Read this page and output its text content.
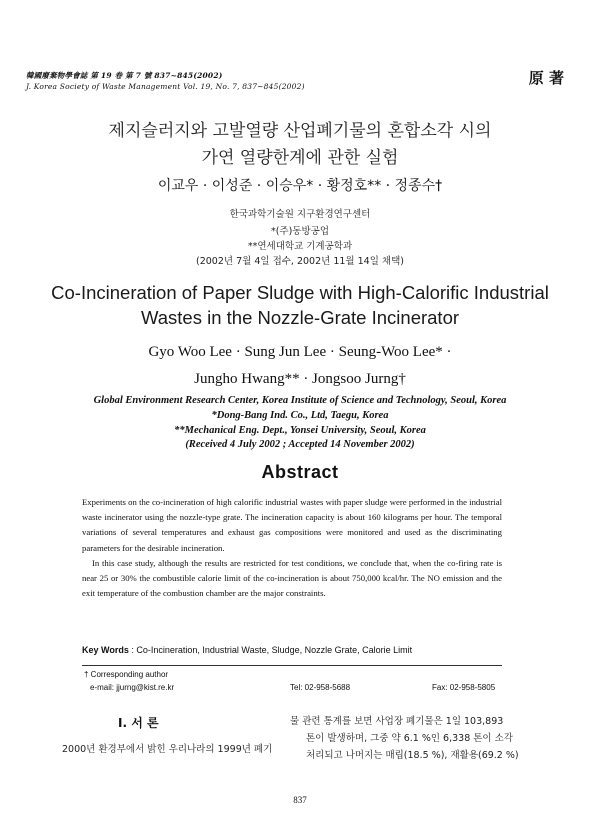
韓國廢棄物學會誌 第 19 卷 第 7 號 837~845(2002)
J. Korea Society of Waste Management Vol. 19, No. 7, 837~845(2002)	原 著
제지슬러지와 고발열량 산업폐기물의 혼합소각 시의
가연 열량한계에 관한 실험
이교우 · 이성준 · 이승우* · 황정호** · 정종수†
한국과학기술원 지구환경연구센터
*(주)동방공업
**연세대학교 기계공학과
(2002년 7월 4일 접수, 2002년 11월 14일 채택)
Co-Incineration of Paper Sludge with High-Calorific Industrial
Wastes in the Nozzle-Grate Incinerator
Gyo Woo Lee · Sung Jun Lee · Seung-Woo Lee* ·
Jungho Hwang** · Jongsoo Jurng†
Global Environment Research Center, Korea Institute of Science and Technology, Seoul, Korea
*Dong-Bang Ind. Co., Ltd, Taegu, Korea
**Mechanical Eng. Dept., Yonsei University, Seoul, Korea
(Received 4 July 2002 ; Accepted 14 November 2002)
Abstract

Experiments on the co-incineration of high calorific industrial wastes with paper sludge were performed in the industrial waste incinerator using the nozzle-type grate. The incineration capacity is about 160 kilograms per hour. The temporal variations of several temperatures and exhaust gas compositions were monitored and used as the discriminating parameters for the desirable incineration.

In this case study, although the results are restricted for test conditions, we conclude that, when the co-firing rate is near 25 or 30% the combustible calorie limit of the co-incineration is about 750,000 kcal/hr. The NO emission and the exit temperature of the combustion chamber are the major constraints.

Key Words : Co-Incineration, Industrial Waste, Sludge, Nozzle Grate, Calorie Limit
† Corresponding author
e-mail: jjurng@kist.re.kr	Tel: 02-958-5688	Fax: 02-958-5805
Ⅰ. 서 론
2000년 환경부에서 밝힌 우리나라의 1999년 폐기
물 관련 통계를 보면 사업장 폐기물은 1일 103,893
톤이 발생하며, 그중 약 6.1 %인 6,338 톤이 소각
처리되고 나머지는 매립(18.5 %), 재활용(69.2 %)
837
